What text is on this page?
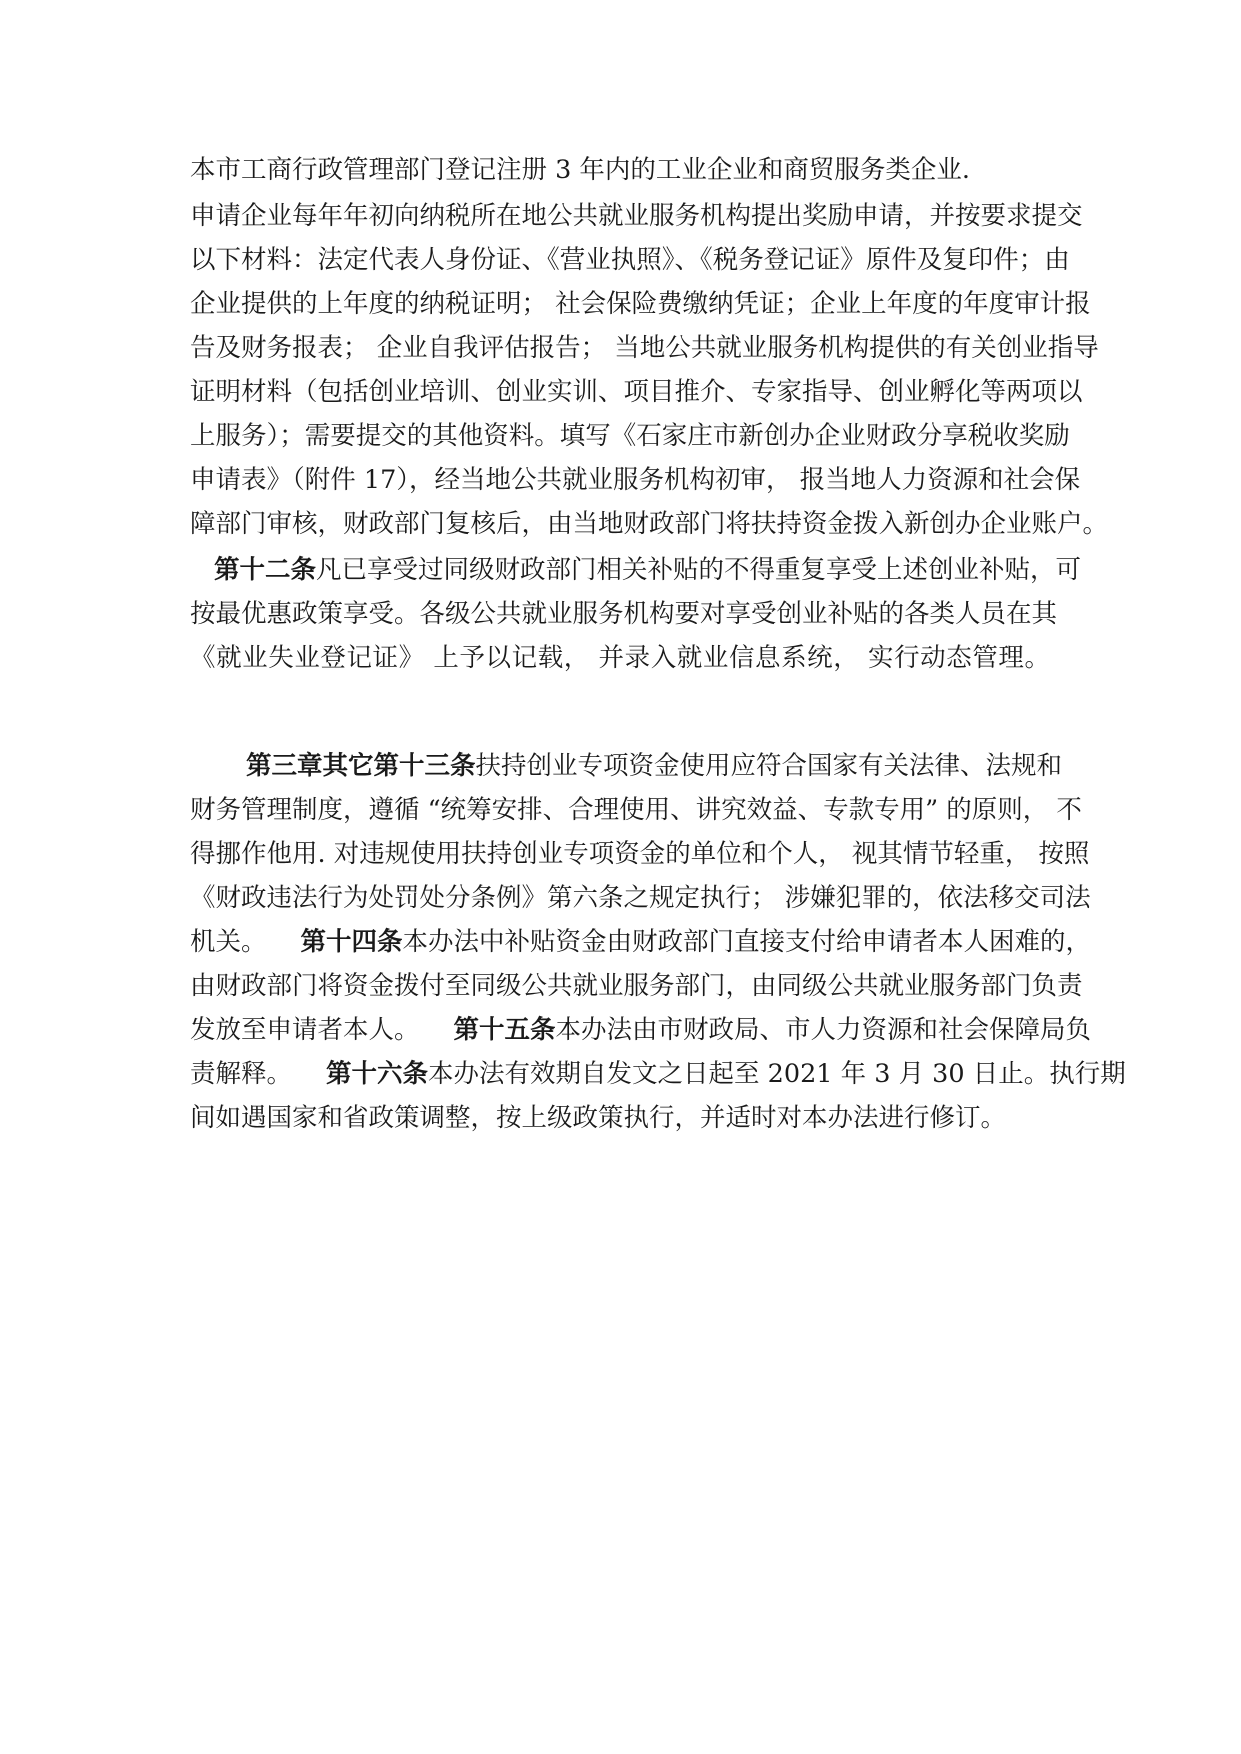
本市工商行政管理部门登记注册 3 年内的工业企业和商贸服务类企业.
申请企业每年年初向纳税所在地公共就业服务机构提出奖励申请，并按要求提交
以下材料：法定代表人身份证、《营业执照》、《税务登记证》原件及复印件；由
企业提供的上年度的纳税证明； 社会保险费缴纳凭证；企业上年度的年度审计报
告及财务报表； 企业自我评估报告； 当地公共就业服务机构提供的有关创业指导
证明材料（包括创业培训、创业实训、项目推介、专家指导、创业孵化等两项以
上服务）；需要提交的其他资料。填写《石家庄市新创办企业财政分享税收奖励
申请表》（附件 17），经当地公共就业服务机构初审， 报当地人力资源和社会保
障部门审核，财政部门复核后，由当地财政部门将扶持资金拨入新创办企业账户。
第十二条凡已享受过同级财政部门相关补贴的不得重复享受上述创业补贴，可
按最优惠政策享受。各级公共就业服务机构要对享受创业补贴的各类人员在其
《就业失业登记证》 上予以记载， 并录入就业信息系统， 实行动态管理。
第三章其它第十三条扶持创业专项资金使用应符合国家有关法律、法规和
财务管理制度，遵循 “统筹安排、合理使用、讲究效益、专款专用” 的原则， 不
得挪作他用. 对违规使用扶持创业专项资金的单位和个人， 视其情节轻重， 按照
《财政违法行为处罚处分条例》第六条之规定执行； 涉嫌犯罪的，依法移交司法
机关。 第十四条本办法中补贴资金由财政部门直接支付给申请者本人困难的，
由财政部门将资金拨付至同级公共就业服务部门，由同级公共就业服务部门负责
发放至申请者本人。 第十五条本办法由市财政局、市人力资源和社会保障局负
责解释。 第十六条本办法有效期自发文之日起至 2021 年 3 月 30 日止。执行期
间如遇国家和省政策调整，按上级政策执行，并适时对本办法进行修订。
